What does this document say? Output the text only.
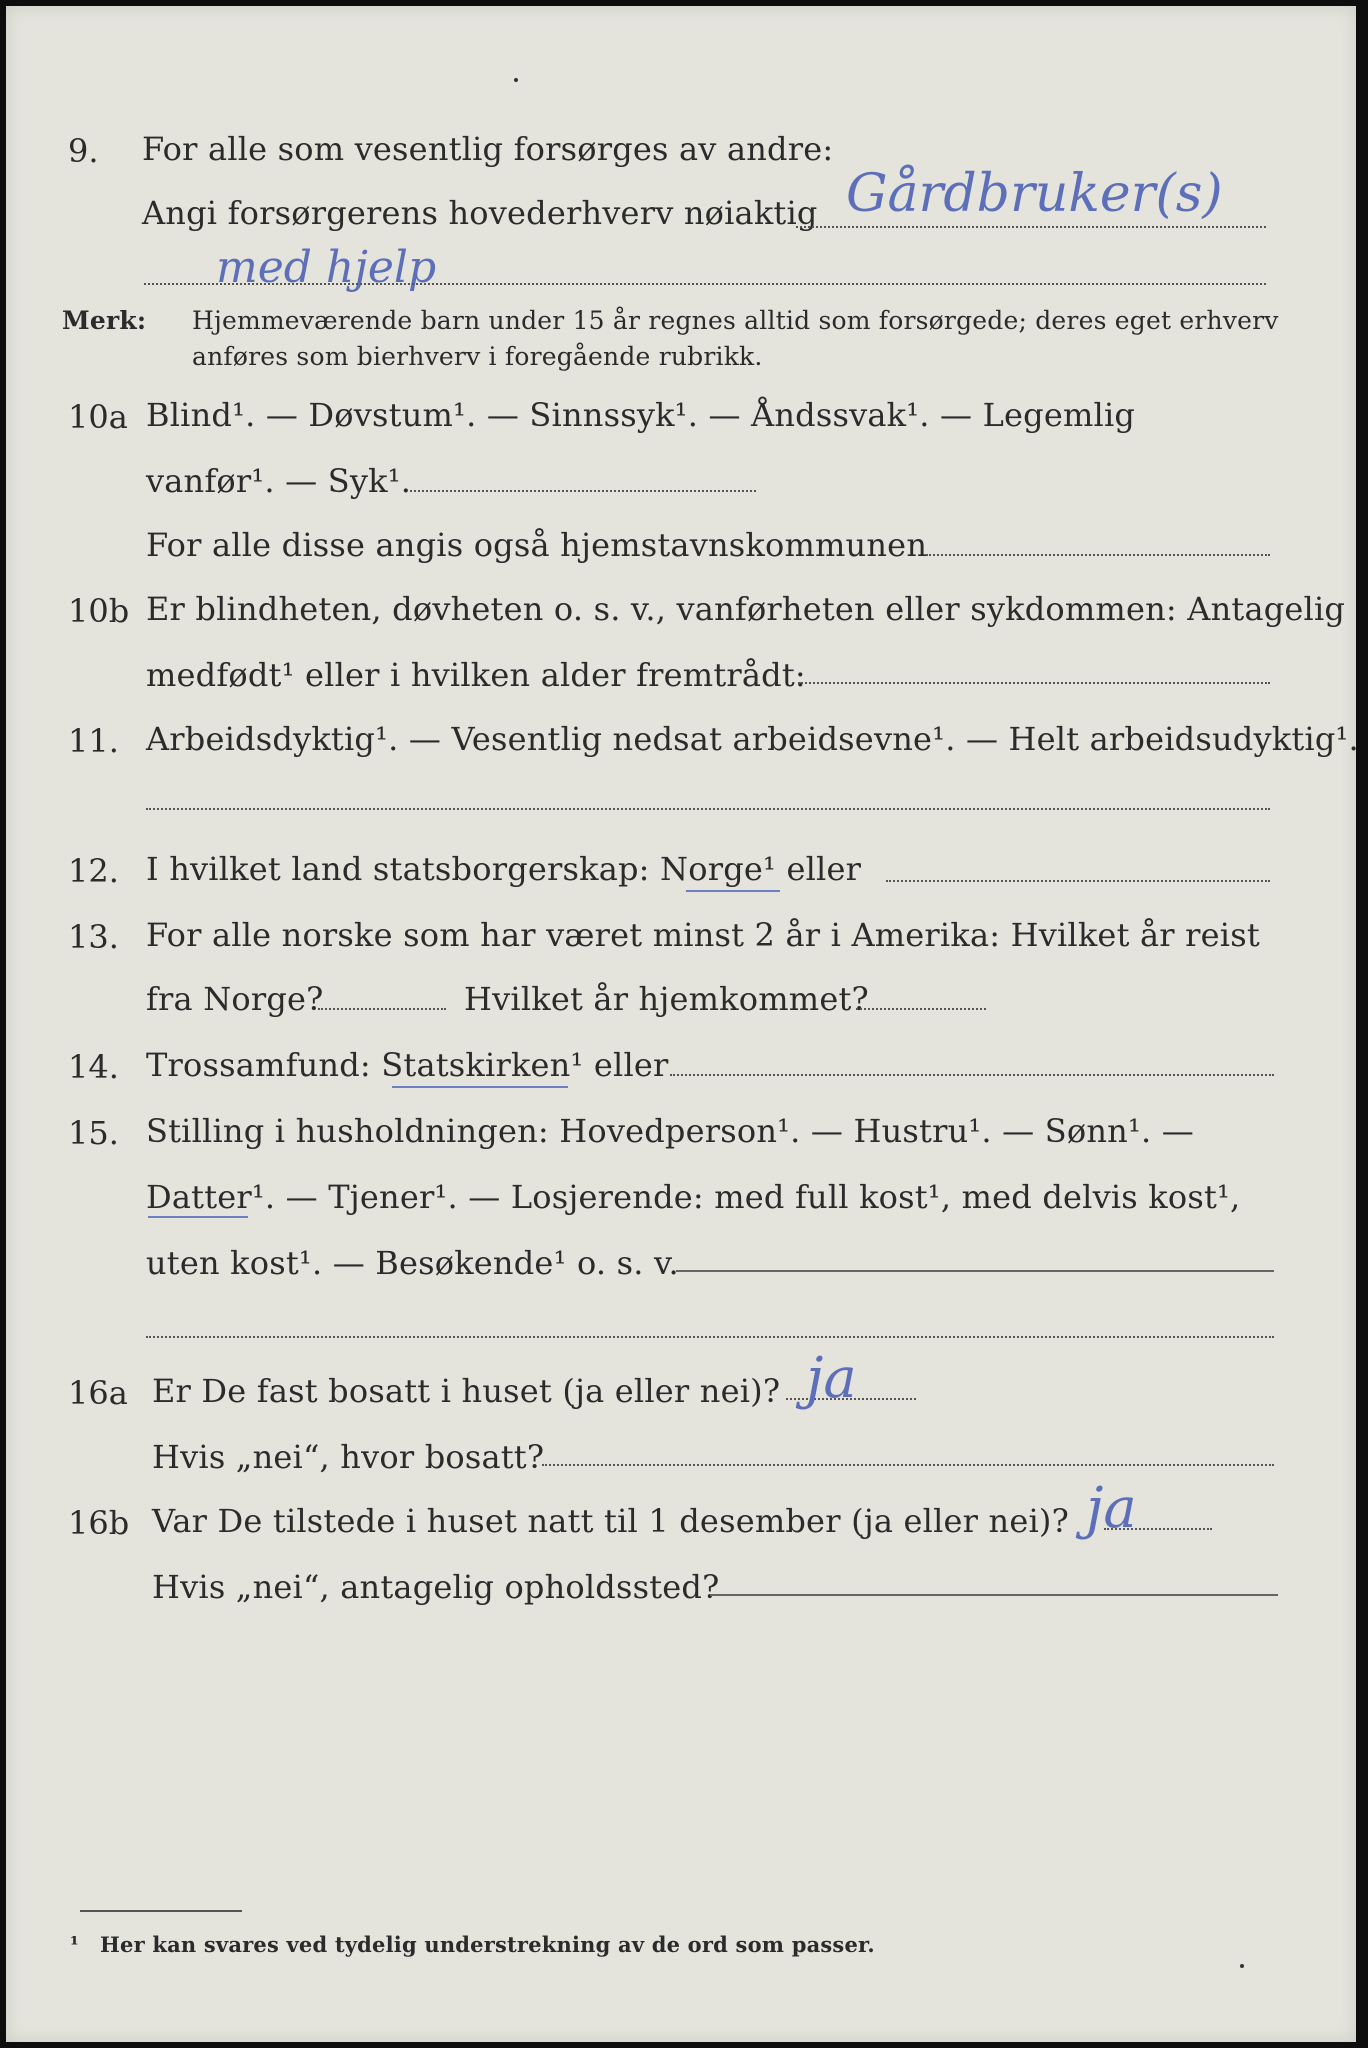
9. For alle som vesentlig forsørges av andre:
Angi forsørgerens hovederhverv nøiaktig Gårdbruker(s)
med hjelp
Merk: Hjemmeværende barn under 15 år regnes alltid som forsørgede; deres eget erhverv
anføres som bierhverv i foregående rubrikk.
10a Blind¹. — Døvstum¹. — Sinnssyk¹. — Åndssvak¹. — Legemlig
vanfør¹. — Syk¹.
For alle disse angis også hjemstavnskommunen
10b Er blindheten, døvheten o. s. v., vanførheten eller sykdommen: Antagelig
medfødt¹ eller i hvilken alder fremtrådt:
11. Arbeidsdyktig¹. — Vesentlig nedsat arbeidsevne¹. — Helt arbeidsudyktig¹.
12. I hvilket land statsborgerskap: Norge¹ eller
13. For alle norske som har været minst 2 år i Amerika: Hvilket år reist
fra Norge?	Hvilket år hjemkommet?
14. Trossamfund: Statskirken¹ eller
15. Stilling i husholdningen: Hovedperson¹. — Hustru¹. — Sønn¹. —
Datter¹. — Tjener¹. — Losjerende: med full kost¹, med delvis kost¹,
uten kost¹. — Besøkende¹ o. s. v.
16a Er De fast bosatt i huset (ja eller nei)? ja
Hvis „nei“, hvor bosatt?
16b Var De tilstede i huset natt til 1 desember (ja eller nei)? ja
Hvis „nei“, antagelig opholdssted?
¹ Her kan svares ved tydelig understrekning av de ord som passer.
